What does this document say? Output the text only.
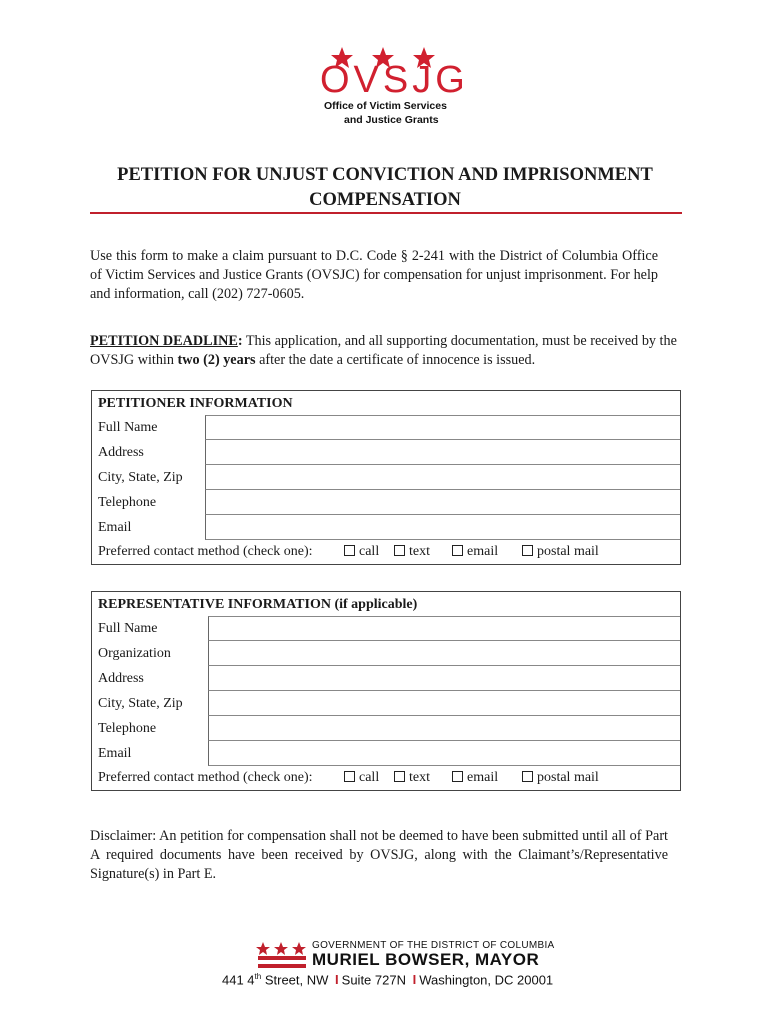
OVSJG
Office of Victim Services
and Justice Grants
PETITION FOR UNJUST CONVICTION AND IMPRISONMENT COMPENSATION
Use this form to make a claim pursuant to D.C. Code § 2-241 with the District of Columbia Office of Victim Services and Justice Grants (OVSJC) for compensation for unjust imprisonment. For help and information, call (202) 727-0605.
PETITION DEADLINE: This application, and all supporting documentation, must be received by the OVSJG within two (2) years after the date a certificate of innocence is issued.
PETITIONER INFORMATION
Full Name
Address
City, State, Zip
Telephone
Email
Preferred contact method (check one):	call	text	email	postal mail
REPRESENTATIVE INFORMATION (if applicable)
Full Name
Organization
Address
City, State, Zip
Telephone
Email
Preferred contact method (check one):	call	text	email	postal mail
Disclaimer: An petition for compensation shall not be deemed to have been submitted until all of Part A required documents have been received by OVSJG, along with the Claimant’s/Representative Signature(s) in Part E.
GOVERNMENT OF THE DISTRICT OF COLUMBIA
MURIEL BOWSER, MAYOR
441 4th Street, NW I Suite 727N I Washington, DC 20001
